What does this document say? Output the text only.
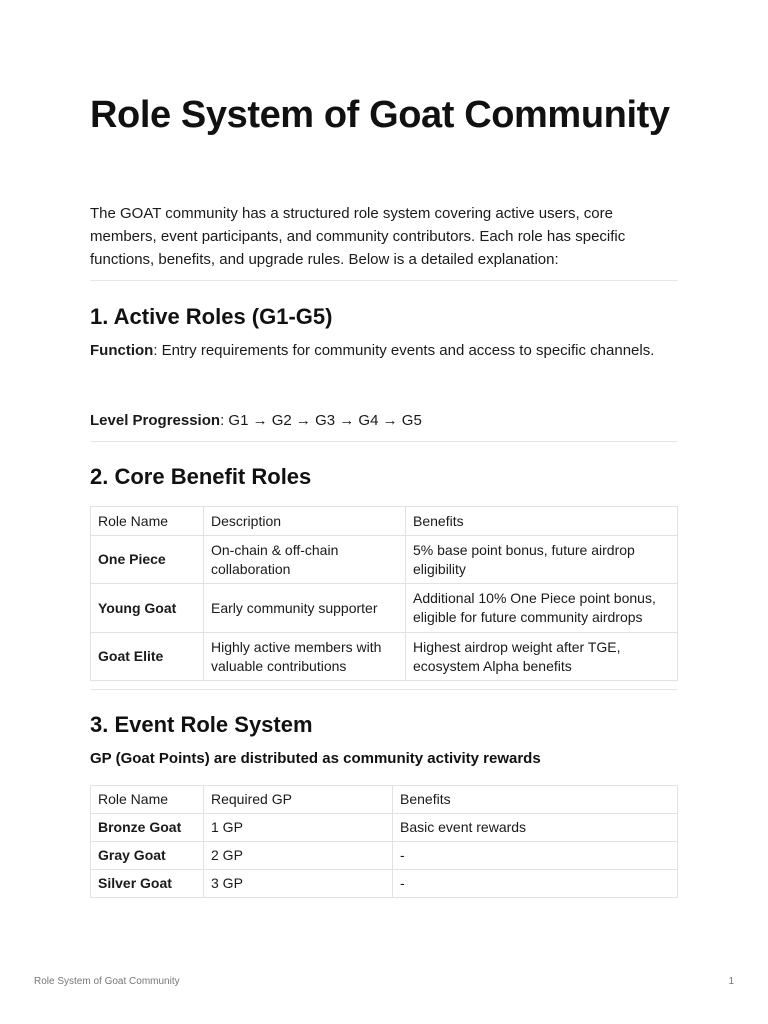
Role System of Goat Community

The GOAT community has a structured role system covering active users, core members, event participants, and community contributors. Each role has specific functions, benefits, and upgrade rules. Below is a detailed explanation:

1. Active Roles (G1-G5)

Function: Entry requirements for community events and access to specific channels.

Level Progression: G1 → G2 → G3 → G4 → G5

2. Core Benefit Roles
Role Name	Description	Benefits
One Piece	On-chain & off-chain collaboration	5% base point bonus, future airdrop eligibility
Young Goat	Early community supporter	Additional 10% One Piece point bonus, eligible for future community airdrops
Goat Elite	Highly active members with valuable contributions	Highest airdrop weight after TGE, ecosystem Alpha benefits
3. Event Role System

GP (Goat Points) are distributed as community activity rewards

Role Name	Required GP	Benefits
Bronze Goat	1 GP	Basic event rewards
Gray Goat	2 GP	-
Silver Goat	3 GP	-
Role System of Goat Community	1
